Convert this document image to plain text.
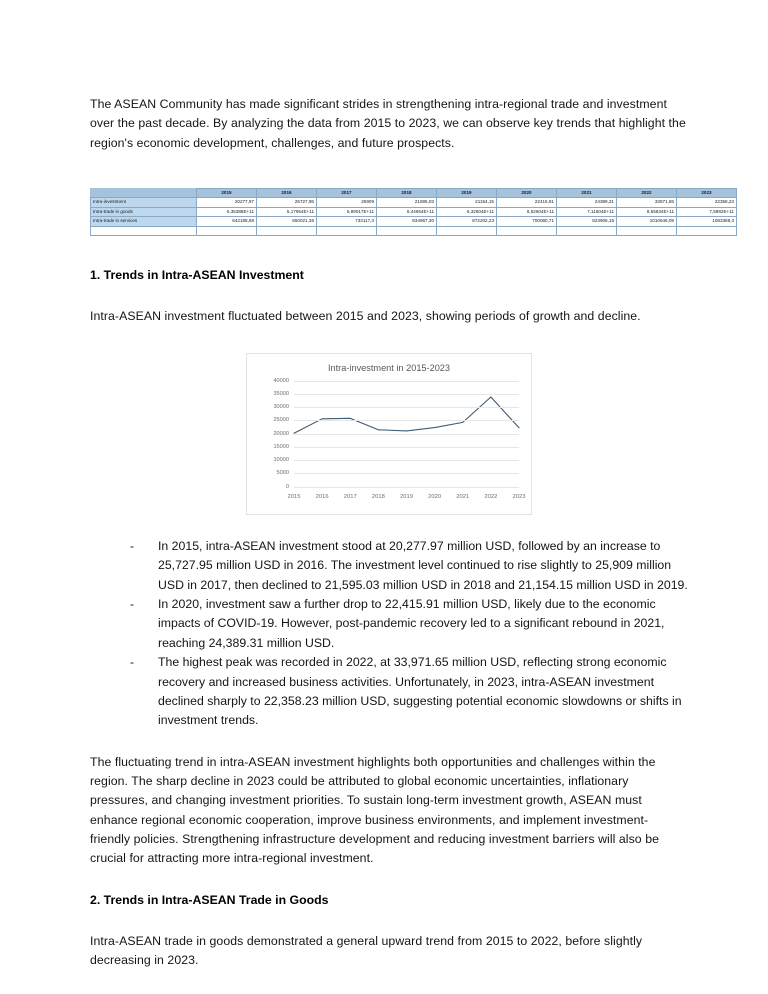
The ASEAN Community has made significant strides in strengthening intra-regional trade and investment over the past decade. By analyzing the data from 2015 to 2023, we can observe key trends that highlight the region's economic development, challenges, and future prospects.

	2015	2016	2017	2018	2019	2020	2021	2022	2023
Intra-investment	20277,97	25727,95	25909	21595,03	21154,15	22415,91	24389,31	33971,65	22358,23
Intra-trade in goods	5,35388E+11	5,17954E+11	5,89017E+11	6,44654E+11	6,32604E+11	6,52604E+11	7,11604E+11	8,55834E+11	7,5982E+11
Intra-trade in services	642188,68	650021,36	733117,3	834967,30	872202,23	700080,71	823906,15	1010646,09	1083388,3

1. Trends in Intra-ASEAN Investment

Intra-ASEAN investment fluctuated between 2015 and 2023, showing periods of growth and decline.

Intra-investment in 2015-2023
0
5000
10000
15000
20000
25000
30000
35000
40000
2015	2016	2017	2018	2019	2020	2021	2022	2023
- In 2015, intra-ASEAN investment stood at 20,277.97 million USD, followed by an increase to 25,727.95 million USD in 2016. The investment level continued to rise slightly to 25,909 million USD in 2017, then declined to 21,595.03 million USD in 2018 and 21,154.15 million USD in 2019.
- In 2020, investment saw a further drop to 22,415.91 million USD, likely due to the economic impacts of COVID-19. However, post-pandemic recovery led to a significant rebound in 2021, reaching 24,389.31 million USD.
- The highest peak was recorded in 2022, at 33,971.65 million USD, reflecting strong economic recovery and increased business activities. Unfortunately, in 2023, intra-ASEAN investment declined sharply to 22,358.23 million USD, suggesting potential economic slowdowns or shifts in investment trends.

The fluctuating trend in intra-ASEAN investment highlights both opportunities and challenges within the region. The sharp decline in 2023 could be attributed to global economic uncertainties, inflationary pressures, and changing investment priorities. To sustain long-term investment growth, ASEAN must enhance regional economic cooperation, improve business environments, and implement investment-friendly policies. Strengthening infrastructure development and reducing investment barriers will also be crucial for attracting more intra-regional investment.

2. Trends in Intra-ASEAN Trade in Goods

Intra-ASEAN trade in goods demonstrated a general upward trend from 2015 to 2022, before slightly decreasing in 2023.
